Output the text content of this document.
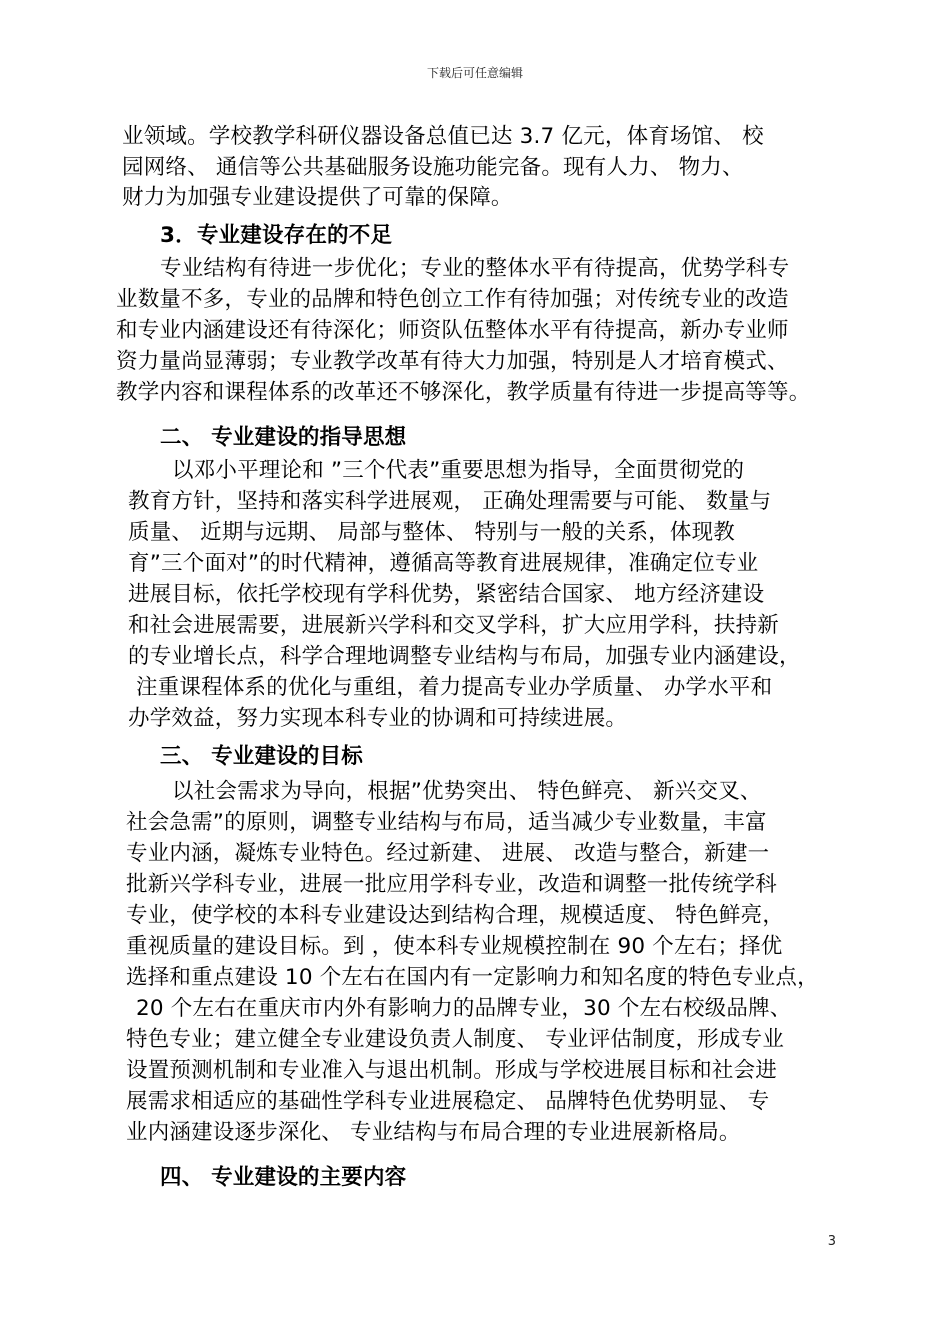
下载后可任意编辑
业领域。学校教学科研仪器设备总值已达 3.7 亿元，体育场馆、 校
园网络、 通信等公共基础服务设施功能完备。现有人力、 物力、
财力为加强专业建设提供了可靠的保障。
3．专业建设存在的不足
专业结构有待进一步优化；专业的整体水平有待提高，优势学科专
业数量不多，专业的品牌和特色创立工作有待加强；对传统专业的改造
和专业内涵建设还有待深化；师资队伍整体水平有待提高，新办专业师
资力量尚显薄弱；专业教学改革有待大力加强，特别是人才培育模式、
教学内容和课程体系的改革还不够深化，教学质量有待进一步提高等等。
二、 专业建设的指导思想
以邓小平理论和 ”三个代表”重要思想为指导，全面贯彻党的
教育方针，坚持和落实科学进展观， 正确处理需要与可能、 数量与
质量、 近期与远期、 局部与整体、 特别与一般的关系，体现教
育”三个面对”的时代精神，遵循高等教育进展规律，准确定位专业
进展目标，依托学校现有学科优势，紧密结合国家、 地方经济建设
和社会进展需要，进展新兴学科和交叉学科，扩大应用学科，扶持新
的专业增长点，科学合理地调整专业结构与布局，加强专业内涵建设，
注重课程体系的优化与重组，着力提高专业办学质量、 办学水平和
办学效益，努力实现本科专业的协调和可持续进展。
三、 专业建设的目标
以社会需求为导向，根据”优势突出、 特色鲜亮、 新兴交叉、
社会急需”的原则，调整专业结构与布局，适当减少专业数量，丰富
专业内涵，凝炼专业特色。经过新建、 进展、 改造与整合，新建一
批新兴学科专业，进展一批应用学科专业，改造和调整一批传统学科
专业，使学校的本科专业建设达到结构合理，规模适度、 特色鲜亮，
重视质量的建设目标。到 ，使本科专业规模控制在 90 个左右；择优
选择和重点建设 10 个左右在国内有一定影响力和知名度的特色专业点，
20 个左右在重庆市内外有影响力的品牌专业，30 个左右校级品牌、
特色专业；建立健全专业建设负责人制度、 专业评估制度，形成专业
设置预测机制和专业准入与退出机制。形成与学校进展目标和社会进
展需求相适应的基础性学科专业进展稳定、 品牌特色优势明显、 专
业内涵建设逐步深化、 专业结构与布局合理的专业进展新格局。
四、 专业建设的主要内容
3
